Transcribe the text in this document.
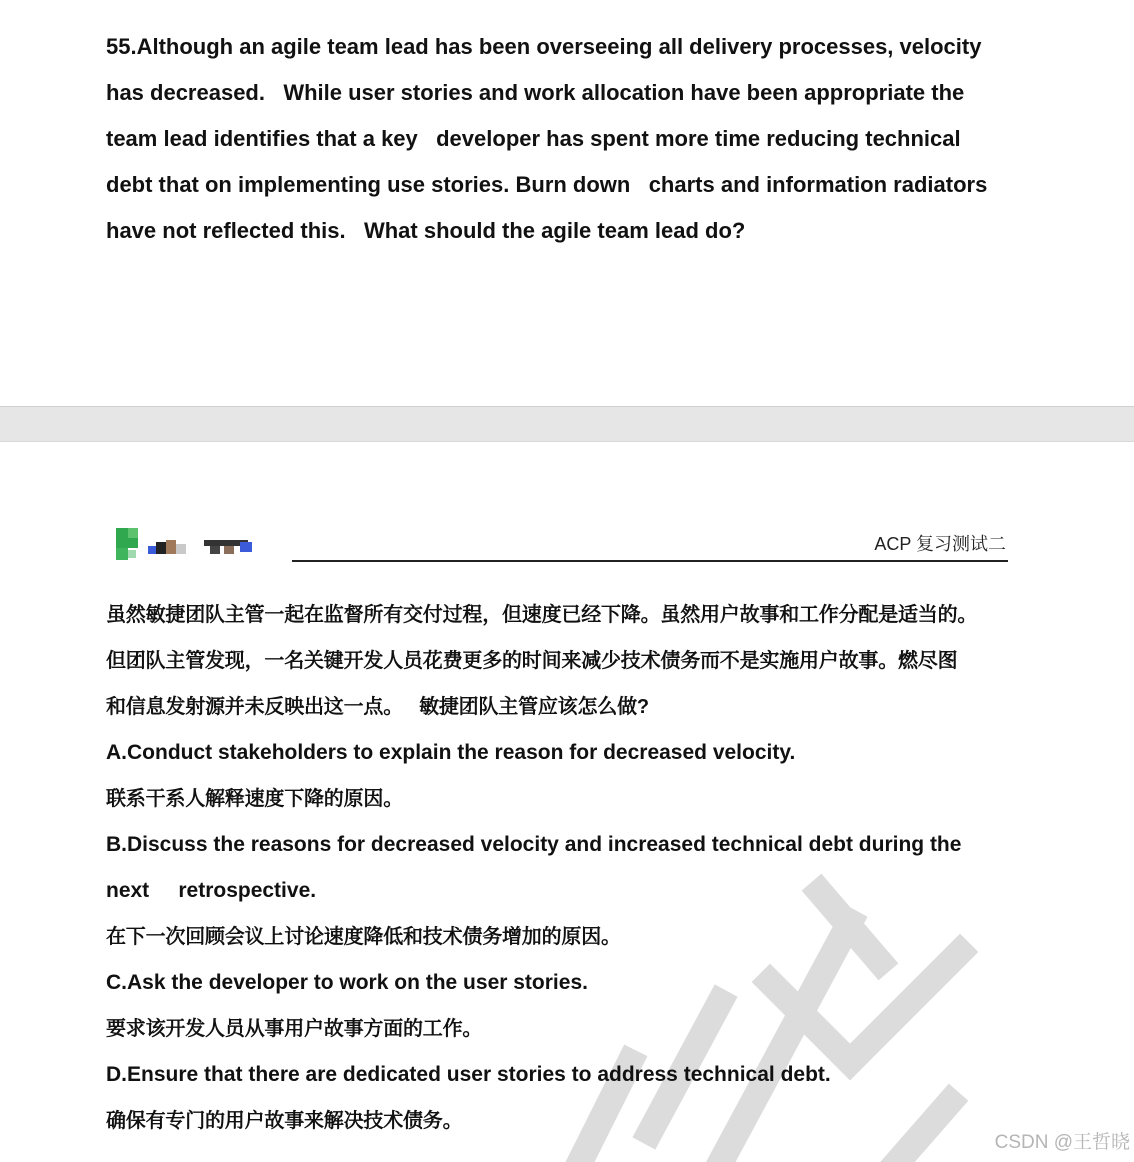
55.Although an agile team lead has been overseeing all delivery processes, velocity
has decreased.   While user stories and work allocation have been appropriate the
team lead identifies that a key   developer has spent more time reducing technical
debt that on implementing use stories. Burn down   charts and information radiators
have not reflected this.   What should the agile team lead do?

ACP 复习测试二

虽然敏捷团队主管一起在监督所有交付过程，但速度已经下降。虽然用户故事和工作分配是适当的。

但团队主管发现，一名关键开发人员花费更多的时间来减少技术债务而不是实施用户故事。燃尽图

和信息发射源并未反映出这一点。   敏捷团队主管应该怎么做?

A.Conduct stakeholders to explain the reason for decreased velocity.

联系干系人解释速度下降的原因。

B.Discuss the reasons for decreased velocity and increased technical debt during the

next     retrospective.

在下一次回顾会议上讨论速度降低和技术债务增加的原因。

C.Ask the developer to work on the user stories.

要求该开发人员从事用户故事方面的工作。

D.Ensure that there are dedicated user stories to address technical debt.

确保有专门的用户故事来解决技术债务。

CSDN @王哲晓
